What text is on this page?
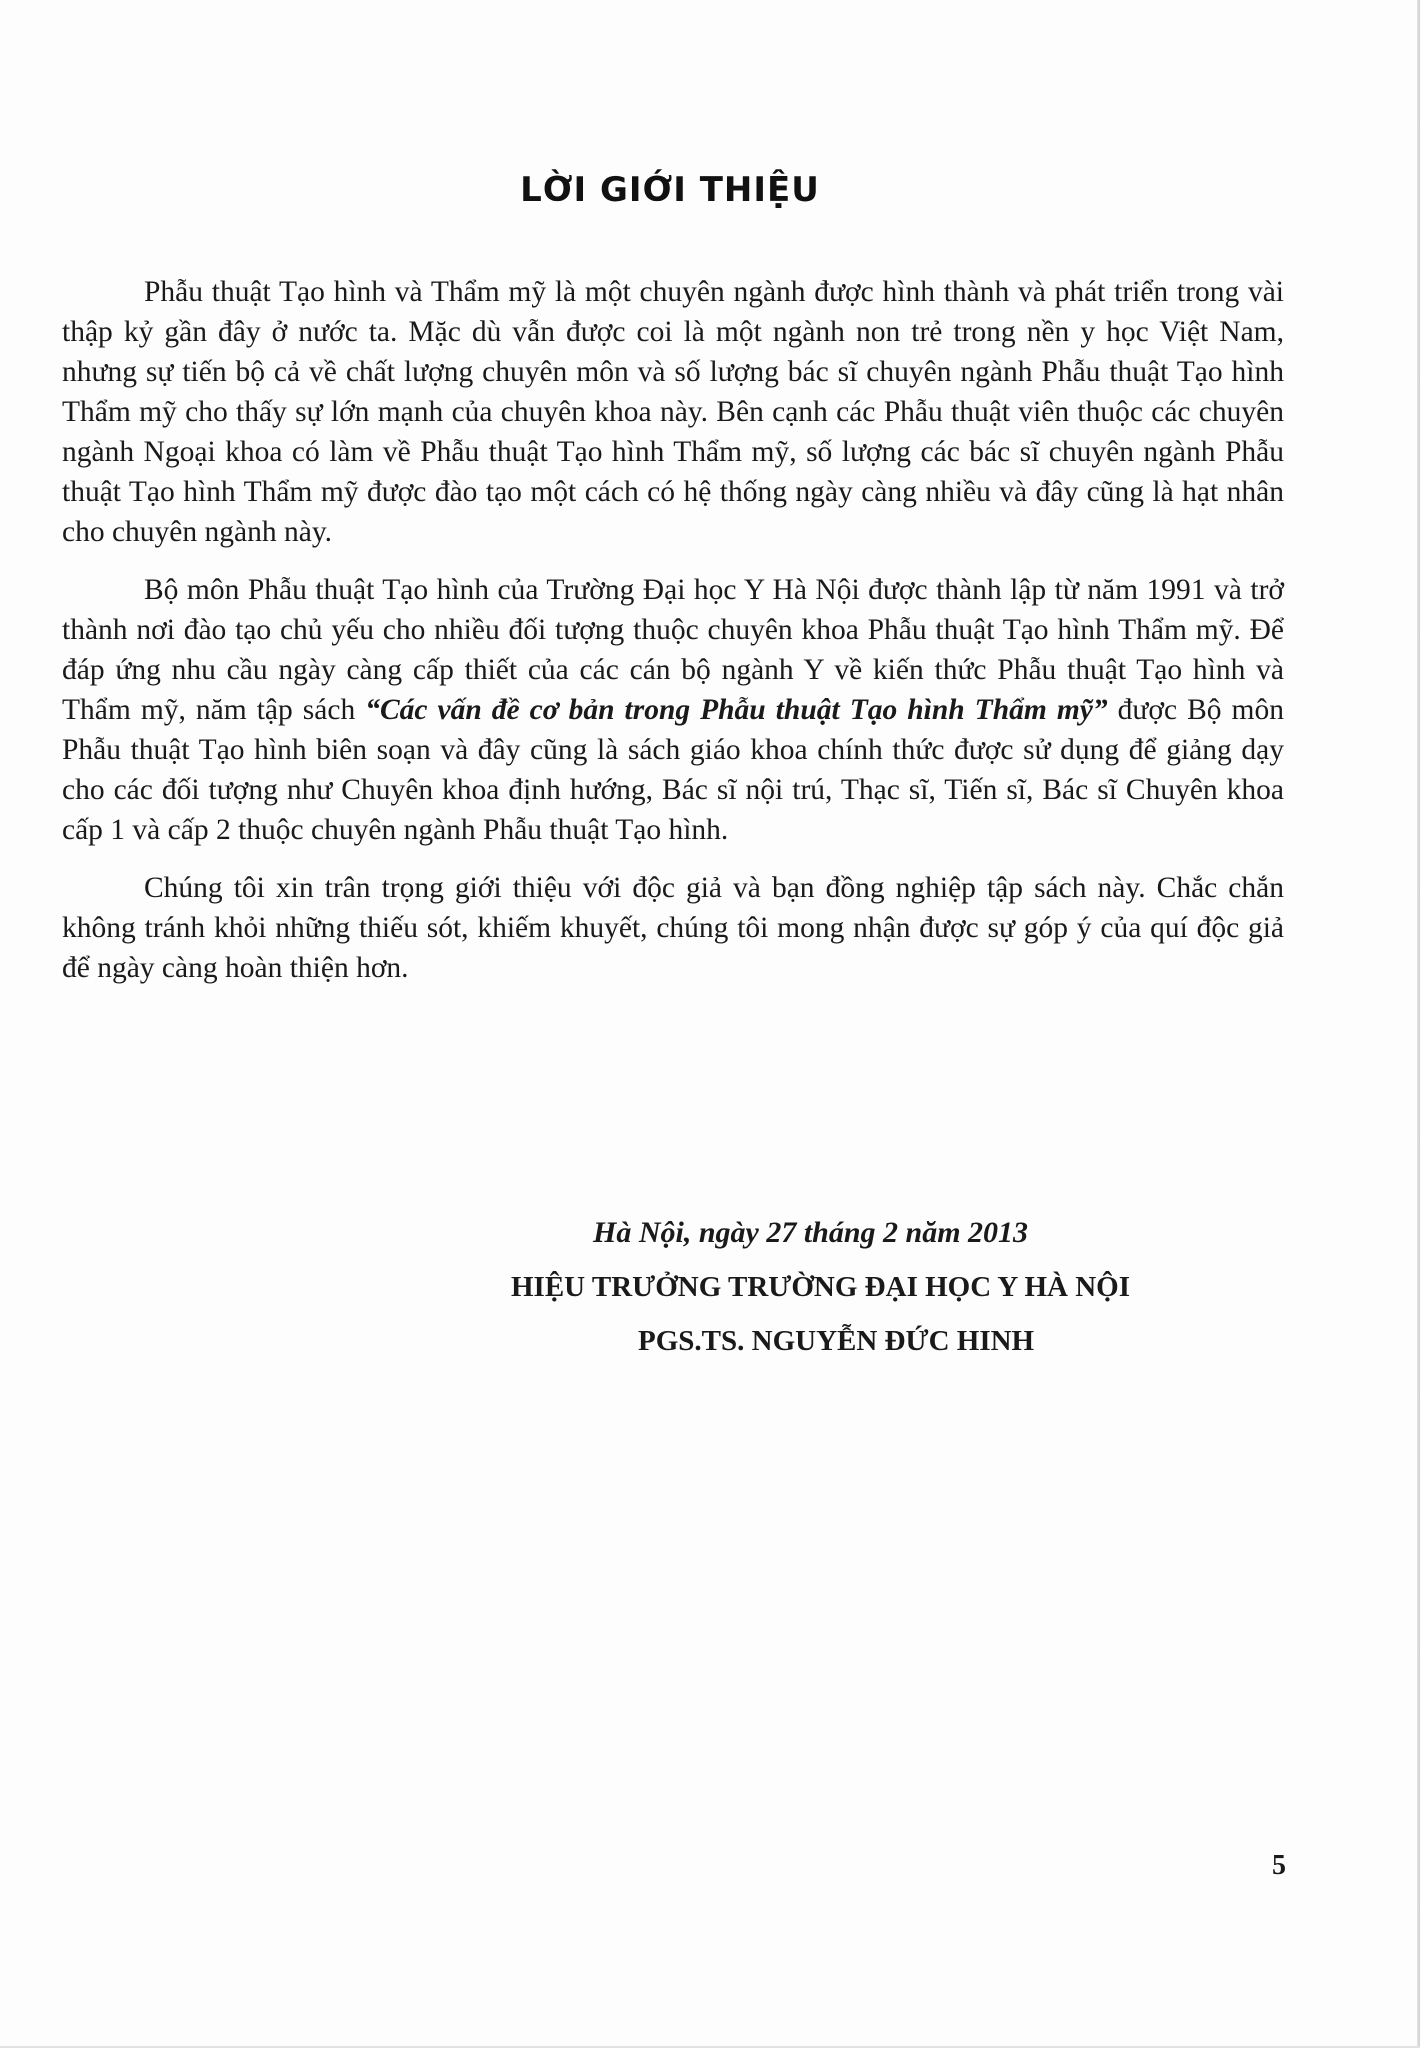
LỜI GIỚI THIỆU

Phẫu thuật Tạo hình và Thẩm mỹ là một chuyên ngành được hình thành và phát triển trong vài thập kỷ gần đây ở nước ta. Mặc dù vẫn được coi là một ngành non trẻ trong nền y học Việt Nam, nhưng sự tiến bộ cả về chất lượng chuyên môn và số lượng bác sĩ chuyên ngành Phẫu thuật Tạo hình Thẩm mỹ cho thấy sự lớn mạnh của chuyên khoa này. Bên cạnh các Phẫu thuật viên thuộc các chuyên ngành Ngoại khoa có làm về Phẫu thuật Tạo hình Thẩm mỹ, số lượng các bác sĩ chuyên ngành Phẫu thuật Tạo hình Thẩm mỹ được đào tạo một cách có hệ thống ngày càng nhiều và đây cũng là hạt nhân cho chuyên ngành này.

Bộ môn Phẫu thuật Tạo hình của Trường Đại học Y Hà Nội được thành lập từ năm 1991 và trở thành nơi đào tạo chủ yếu cho nhiều đối tượng thuộc chuyên khoa Phẫu thuật Tạo hình Thẩm mỹ. Để đáp ứng nhu cầu ngày càng cấp thiết của các cán bộ ngành Y về kiến thức Phẫu thuật Tạo hình và Thẩm mỹ, năm tập sách “Các vấn đề cơ bản trong Phẫu thuật Tạo hình Thẩm mỹ” được Bộ môn Phẫu thuật Tạo hình biên soạn và đây cũng là sách giáo khoa chính thức được sử dụng để giảng dạy cho các đối tượng như Chuyên khoa định hướng, Bác sĩ nội trú, Thạc sĩ, Tiến sĩ, Bác sĩ Chuyên khoa cấp 1 và cấp 2 thuộc chuyên ngành Phẫu thuật Tạo hình.

Chúng tôi xin trân trọng giới thiệu với độc giả và bạn đồng nghiệp tập sách này. Chắc chắn không tránh khỏi những thiếu sót, khiếm khuyết, chúng tôi mong nhận được sự góp ý của quí độc giả để ngày càng hoàn thiện hơn.

Hà Nội, ngày 27 tháng 2 năm 2013
HIỆU TRƯỞNG TRƯỜNG ĐẠI HỌC Y HÀ NỘI
PGS.TS. NGUYỄN ĐỨC HINH
5
